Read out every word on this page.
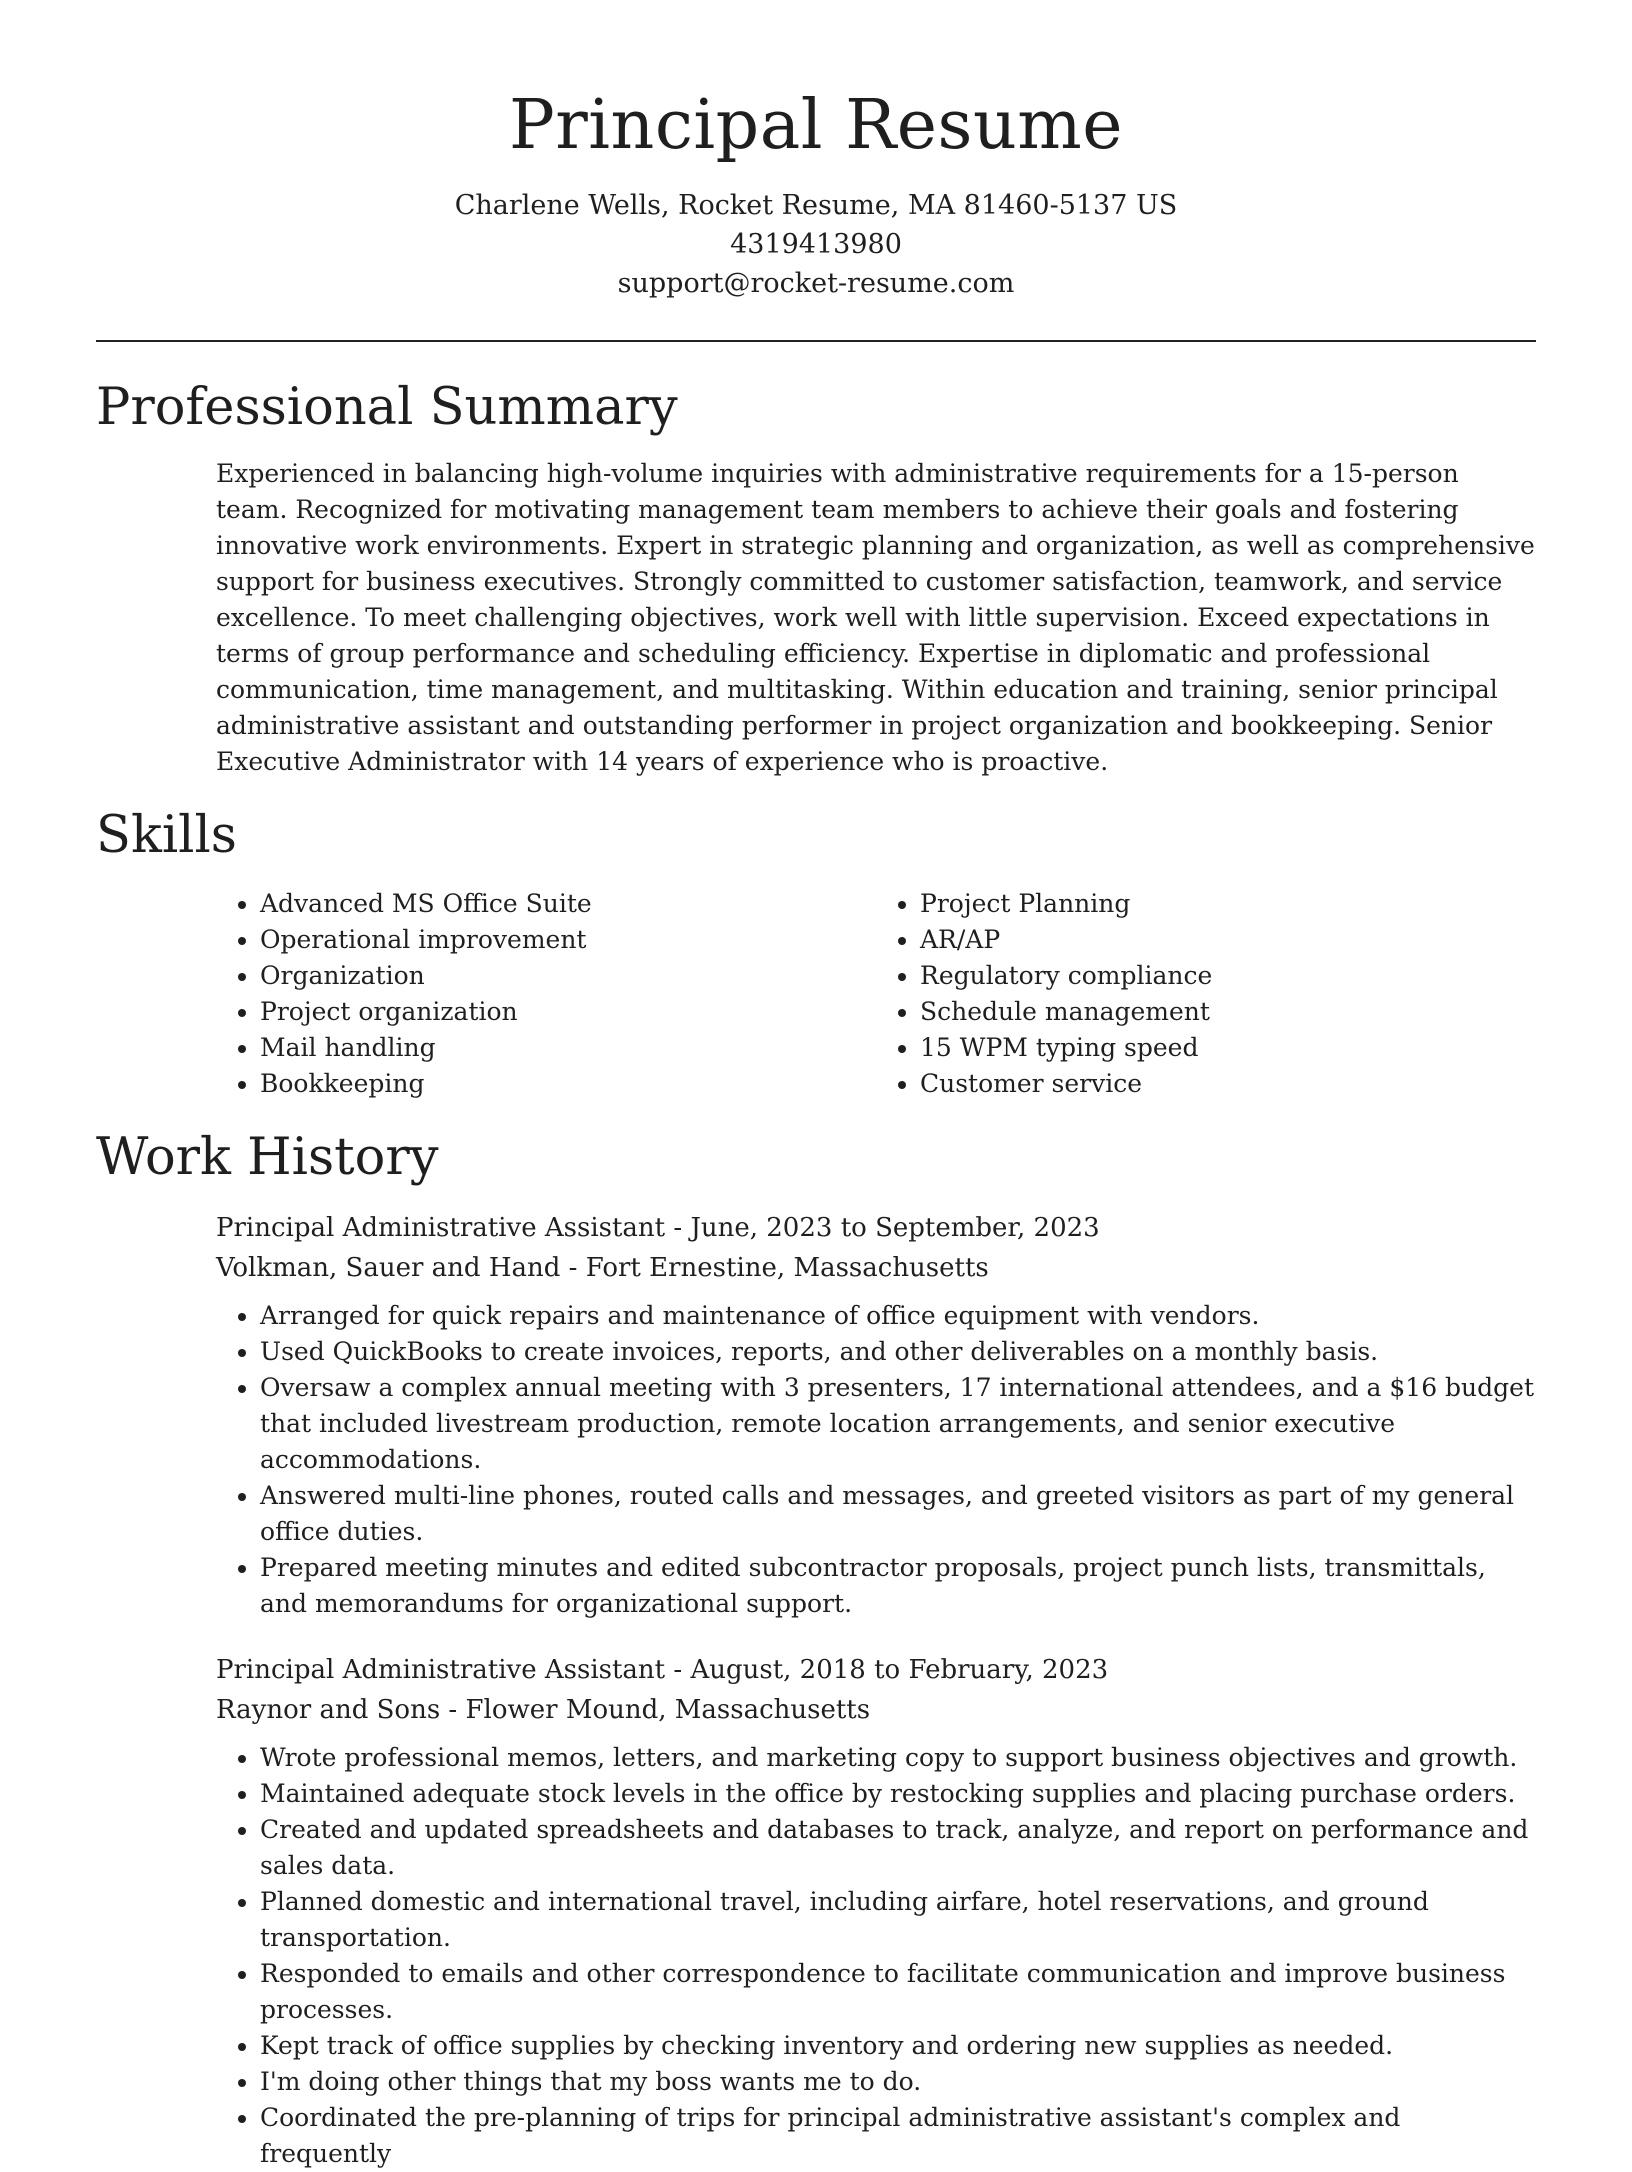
Principal Resume

Charlene Wells, Rocket Resume, MA 81460-5137 US

4319413980

support@rocket-resume.com

Professional Summary

Experienced in balancing high-volume inquiries with administrative requirements for a 15-person team. Recognized for motivating management team members to achieve their goals and fostering innovative work environments. Expert in strategic planning and organization, as well as comprehensive support for business executives. Strongly committed to customer satisfaction, teamwork, and service excellence. To meet challenging objectives, work well with little supervision. Exceed expectations in terms of group performance and scheduling efficiency. Expertise in diplomatic and professional communication, time management, and multitasking. Within education and training, senior principal administrative assistant and outstanding performer in project organization and bookkeeping. Senior Executive Administrator with 14 years of experience who is proactive.

Skills
• Advanced MS Office Suite
• Operational improvement
• Organization
• Project organization
• Mail handling
• Bookkeeping
• Project Planning
• AR/AP
• Regulatory compliance
• Schedule management
• 15 WPM typing speed
• Customer service
Work History

Principal Administrative Assistant - June, 2023 to September, 2023

Volkman, Sauer and Hand - Fort Ernestine, Massachusetts

• Arranged for quick repairs and maintenance of office equipment with vendors.
• Used QuickBooks to create invoices, reports, and other deliverables on a monthly basis.
• Oversaw a complex annual meeting with 3 presenters, 17 international attendees, and a $16 budget that included livestream production, remote location arrangements, and senior executive accommodations.
• Answered multi-line phones, routed calls and messages, and greeted visitors as part of my general office duties.
• Prepared meeting minutes and edited subcontractor proposals, project punch lists, transmittals, and memorandums for organizational support.

Principal Administrative Assistant - August, 2018 to February, 2023

Raynor and Sons - Flower Mound, Massachusetts

• Wrote professional memos, letters, and marketing copy to support business objectives and growth.
• Maintained adequate stock levels in the office by restocking supplies and placing purchase orders.
• Created and updated spreadsheets and databases to track, analyze, and report on performance and sales data.
• Planned domestic and international travel, including airfare, hotel reservations, and ground transportation.
• Responded to emails and other correspondence to facilitate communication and improve business processes.
• Kept track of office supplies by checking inventory and ordering new supplies as needed.
• I'm doing other things that my boss wants me to do.
• Coordinated the pre-planning of trips for principal administrative assistant's complex and frequently
